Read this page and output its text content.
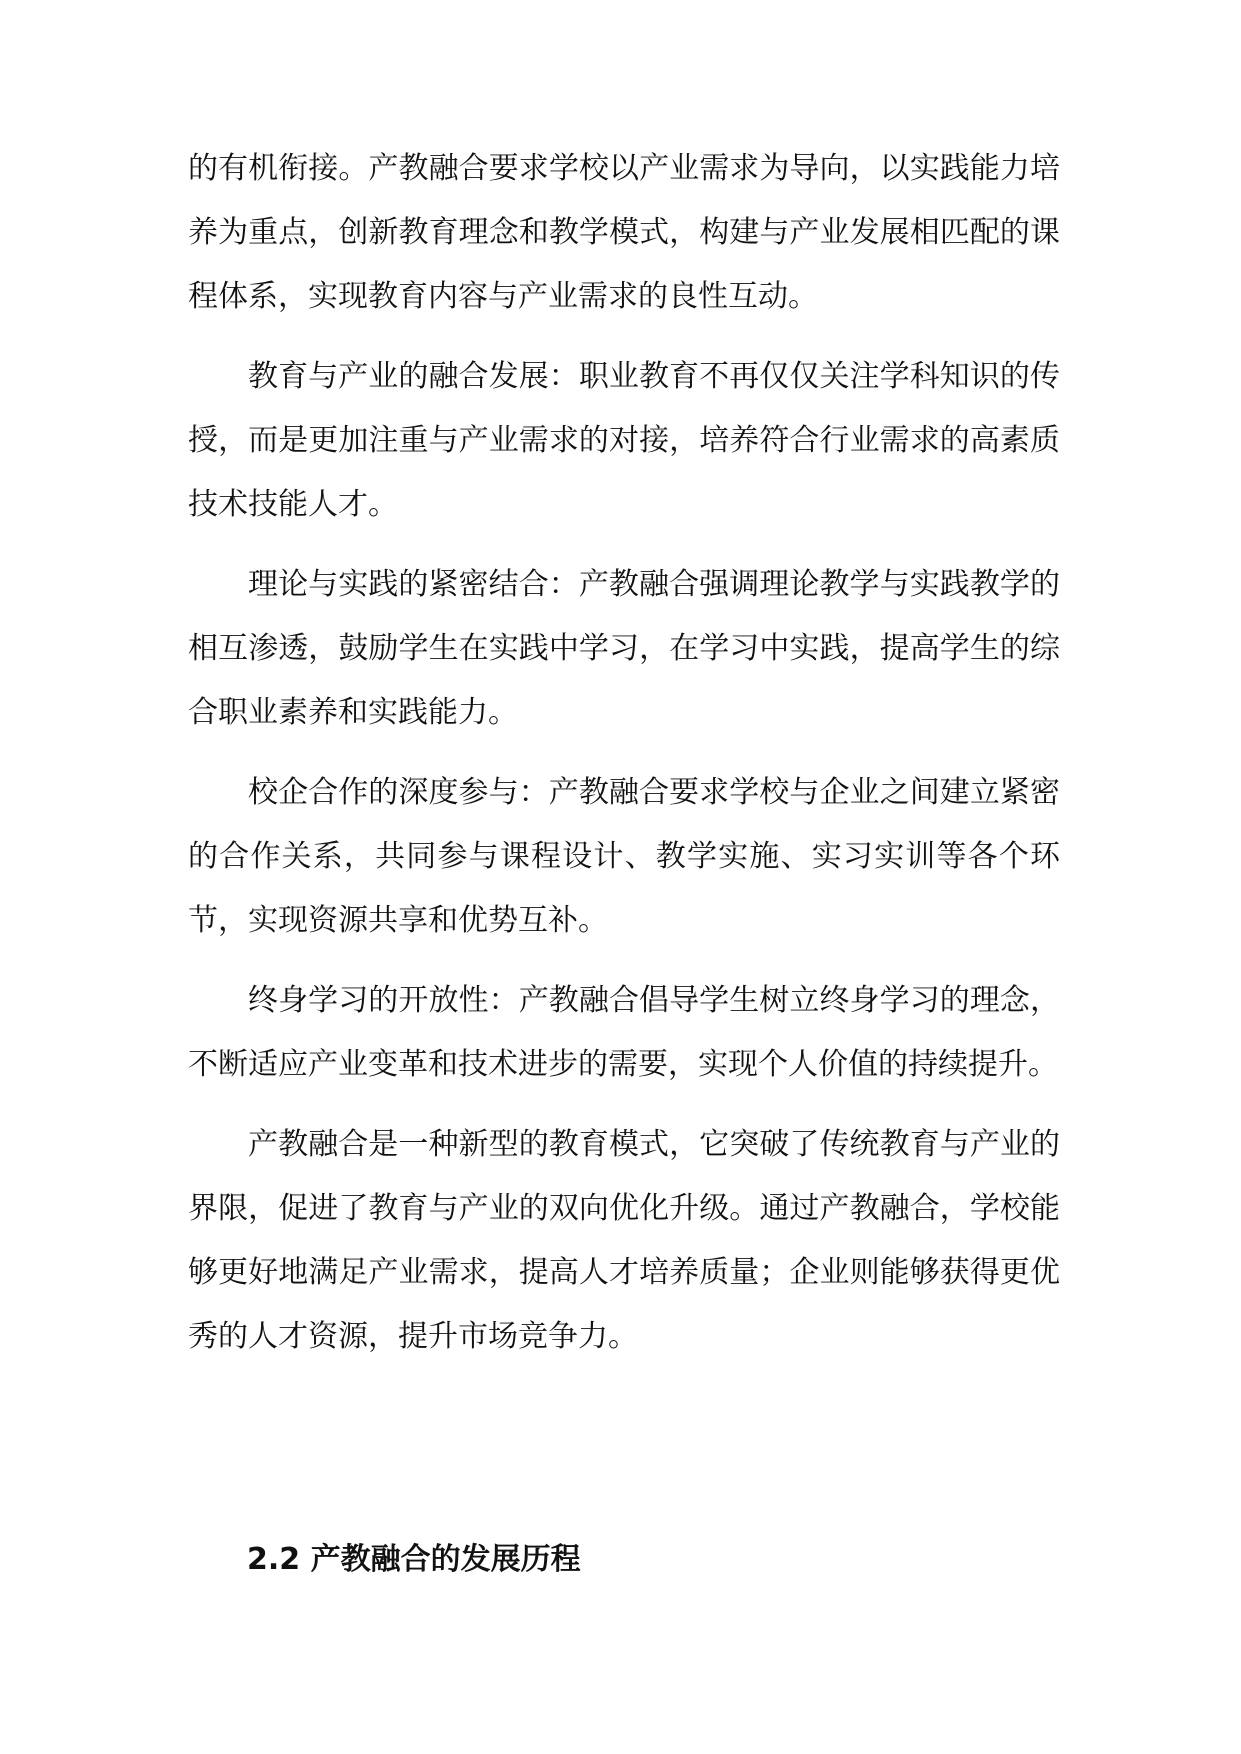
的有机衔接。产教融合要求学校以产业需求为导向，以实践能力培养为重点，创新教育理念和教学模式，构建与产业发展相匹配的课程体系，实现教育内容与产业需求的良性互动。

教育与产业的融合发展：职业教育不再仅仅关注学科知识的传授，而是更加注重与产业需求的对接，培养符合行业需求的高素质技术技能人才。

理论与实践的紧密结合：产教融合强调理论教学与实践教学的相互渗透，鼓励学生在实践中学习，在学习中实践，提高学生的综合职业素养和实践能力。

校企合作的深度参与：产教融合要求学校与企业之间建立紧密的合作关系，共同参与课程设计、教学实施、实习实训等各个环节，实现资源共享和优势互补。

终身学习的开放性：产教融合倡导学生树立终身学习的理念，不断适应产业变革和技术进步的需要，实现个人价值的持续提升。

产教融合是一种新型的教育模式，它突破了传统教育与产业的界限，促进了教育与产业的双向优化升级。通过产教融合，学校能够更好地满足产业需求，提高人才培养质量；企业则能够获得更优秀的人才资源，提升市场竞争力。

2.2 产教融合的发展历程
